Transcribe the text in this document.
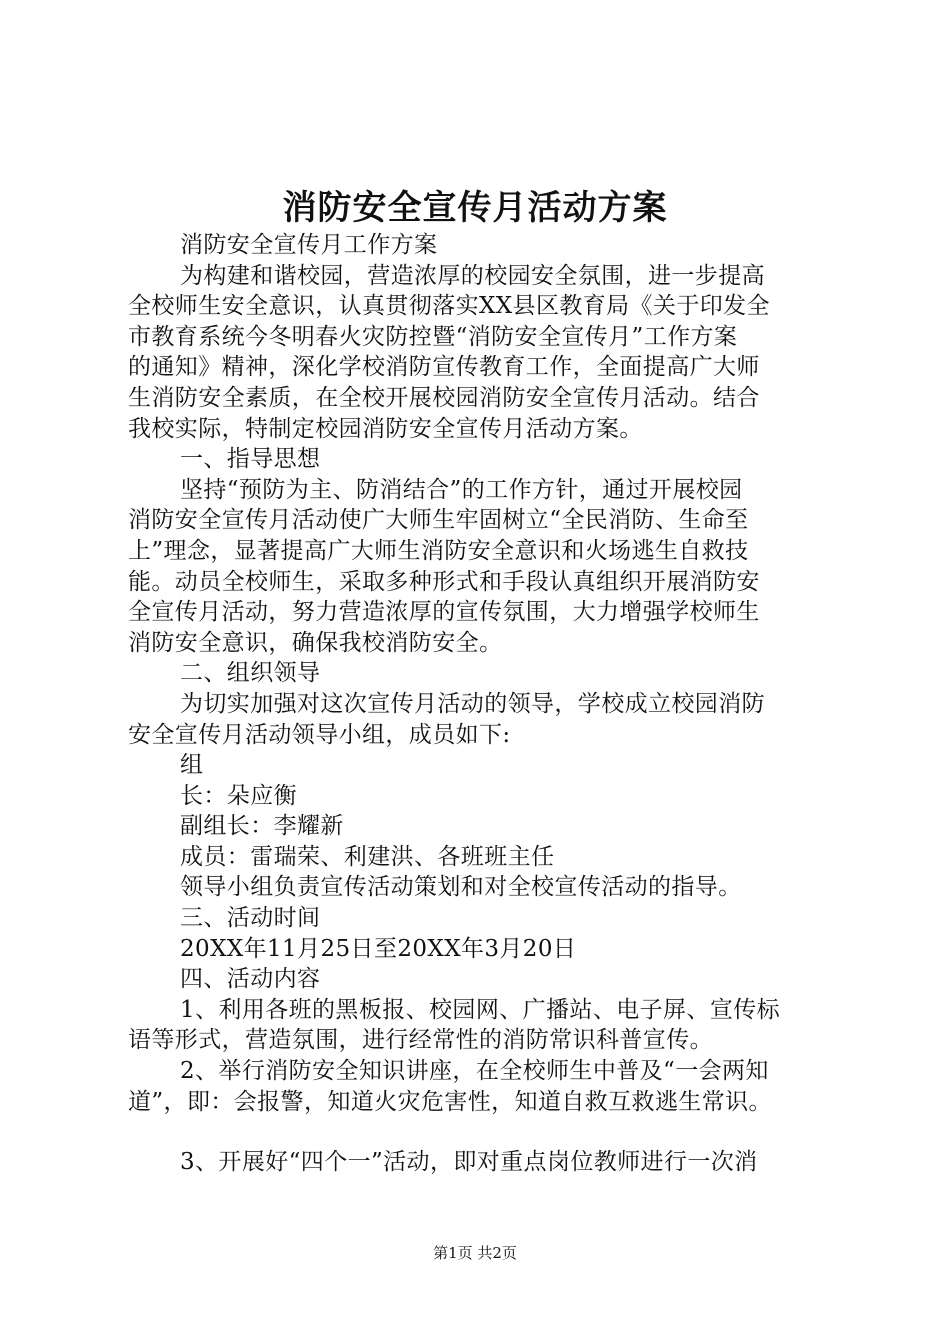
消防安全宣传月活动方案
消防安全宣传月工作方案
为构建和谐校园，营造浓厚的校园安全氛围，进一步提高
全校师生安全意识，认真贯彻落实XX县区教育局《关于印发全
市教育系统今冬明春火灾防控暨“消防安全宣传月”工作方案
的通知》精神，深化学校消防宣传教育工作，全面提高广大师
生消防安全素质，在全校开展校园消防安全宣传月活动。结合
我校实际，特制定校园消防安全宣传月活动方案。
一、指导思想
坚持“预防为主、防消结合”的工作方针，通过开展校园
消防安全宣传月活动使广大师生牢固树立“全民消防、生命至
上”理念，显著提高广大师生消防安全意识和火场逃生自救技
能。动员全校师生，采取多种形式和手段认真组织开展消防安
全宣传月活动，努力营造浓厚的宣传氛围，大力增强学校师生
消防安全意识，确保我校消防安全。
二、组织领导
为切实加强对这次宣传月活动的领导，学校成立校园消防
安全宣传月活动领导小组，成员如下:
组
长：朵应衡
副组长：李耀新
成员：雷瑞荣、利建洪、各班班主任
领导小组负责宣传活动策划和对全校宣传活动的指导。
三、活动时间
20XX年11月25日至20XX年3月20日
四、活动内容
1、利用各班的黑板报、校园网、广播站、电子屏、宣传标
语等形式，营造氛围，进行经常性的消防常识科普宣传。
2、举行消防安全知识讲座，在全校师生中普及“一会两知
道”，即：会报警，知道火灾危害性，知道自救互救逃生常识。
3、开展好“四个一”活动，即对重点岗位教师进行一次消
第1页 共2页
